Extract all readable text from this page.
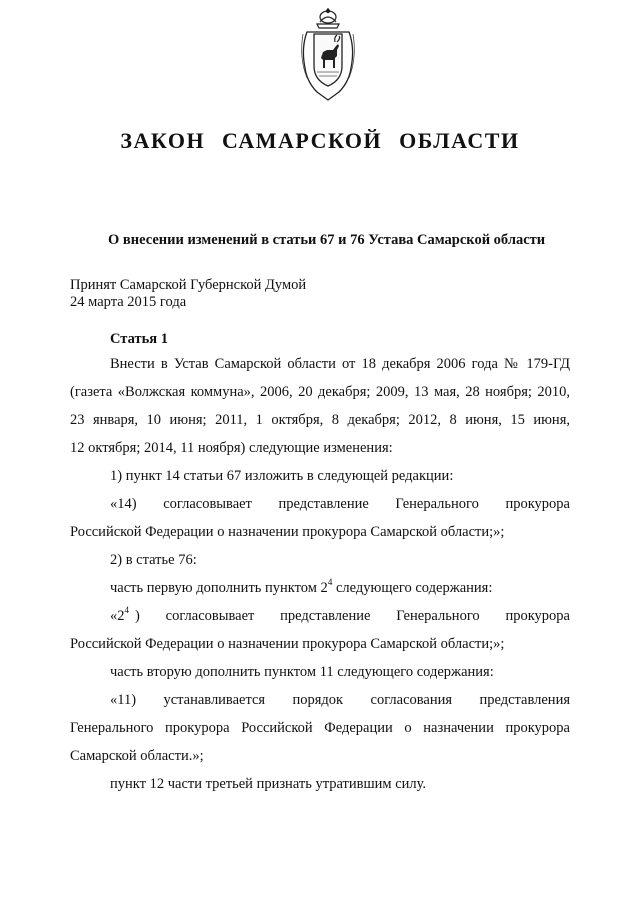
ЗАКОН САМАРСКОЙ ОБЛАСТИ
О внесении изменений в статьи 67 и 76 Устава Самарской области
Принят Самарской Губернской Думой
24 марта 2015 года
Статья 1
Внести в Устав Самарской области от 18 декабря 2006 года № 179-ГД
(газета «Волжская коммуна», 2006, 20 декабря; 2009, 13 мая, 28 ноября; 2010,
23 января, 10 июня; 2011, 1 октября, 8 декабря; 2012, 8 июня, 15 июня,
12 октября; 2014, 11 ноября) следующие изменения:
1) пункт 14 статьи 67 изложить в следующей редакции:
«14) согласовывает представление Генерального прокурора
Российской Федерации о назначении прокурора Самарской области;»;
2) в статье 76:
часть первую дополнить пунктом $2^4$ следующего содержания:
«$2^4$ ) согласовывает представление Генерального прокурора
Российской Федерации о назначении прокурора Самарской области;»;
часть вторую дополнить пунктом 11 следующего содержания:
«11) устанавливается порядок согласования представления
Генерального прокурора Российской Федерации о назначении прокурора
Самарской области.»;
пункт 12 части третьей признать утратившим силу.
